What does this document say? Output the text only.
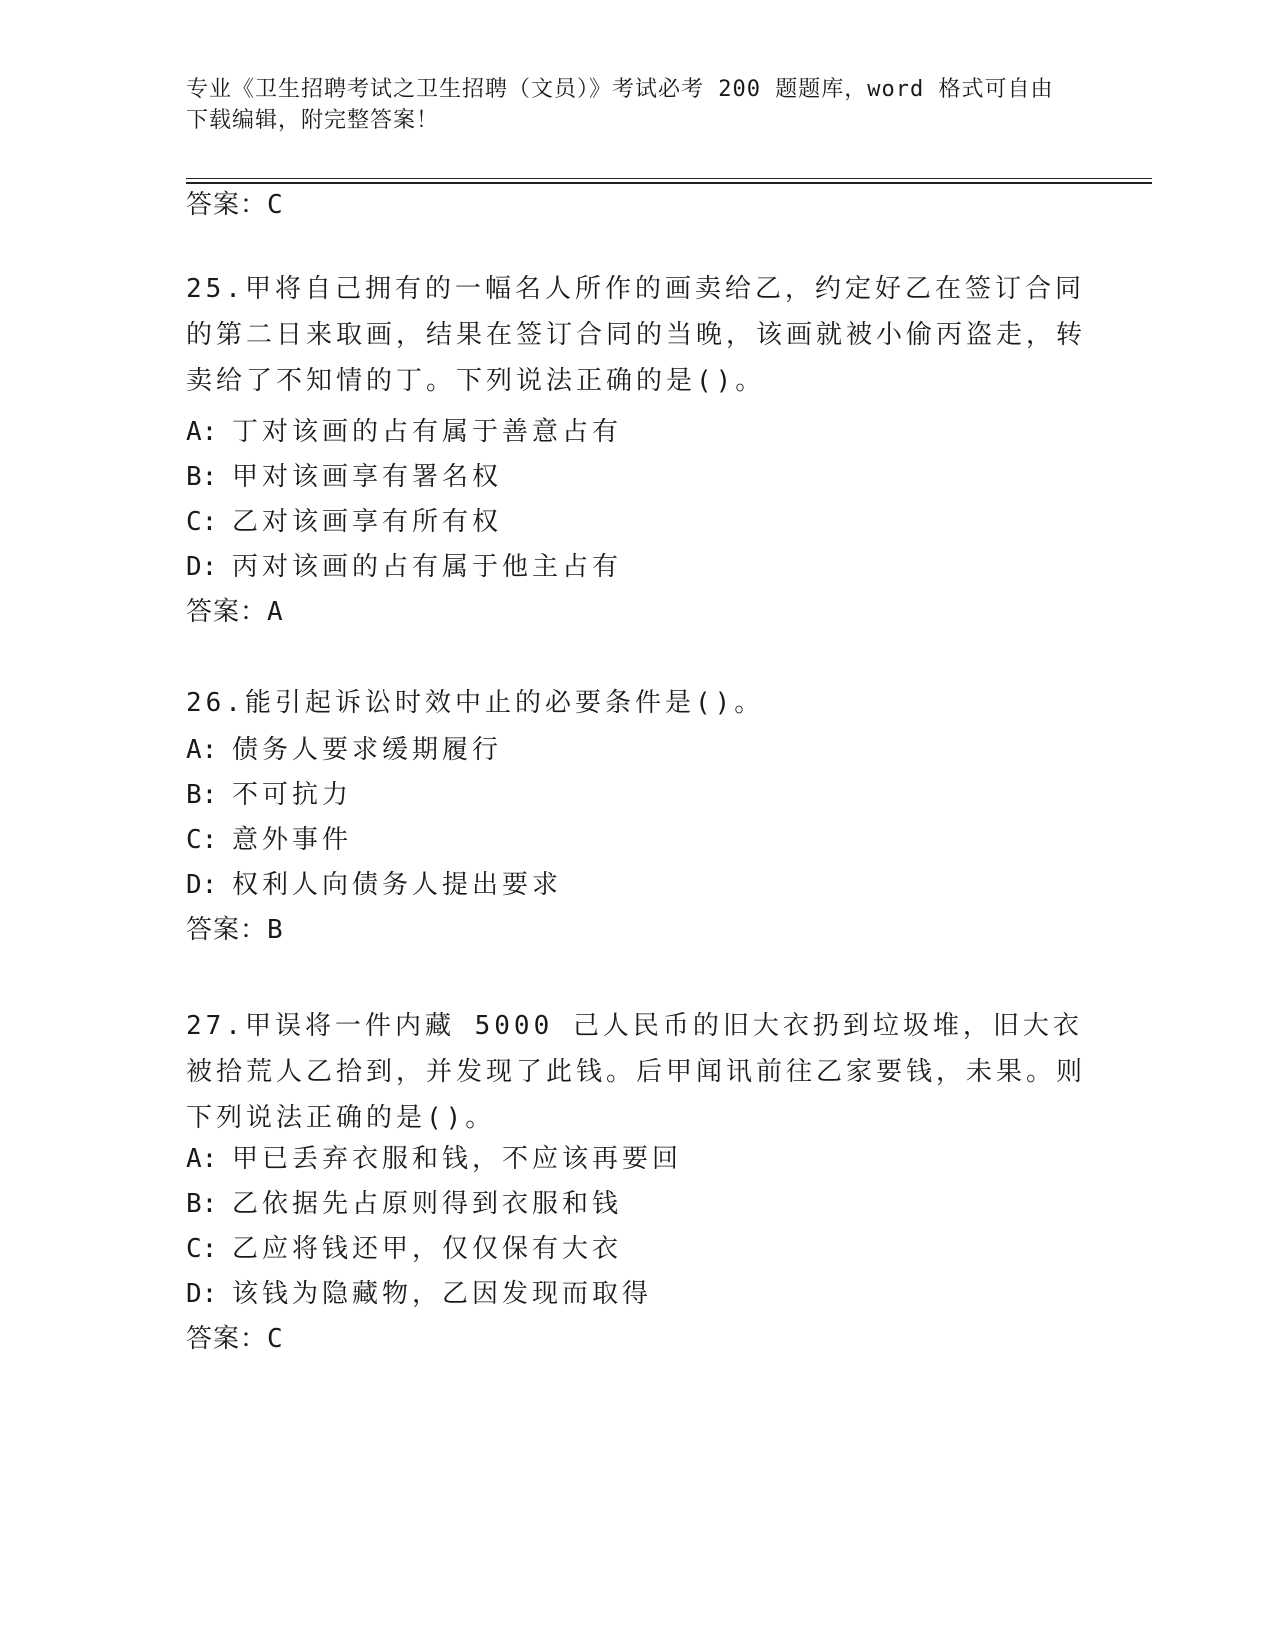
专业《卫生招聘考试之卫生招聘（文员）》考试必考 200 题题库，word 格式可自由下载编辑，附完整答案！
答案：C
25.甲将自己拥有的一幅名人所作的画卖给乙，约定好乙在签订合同的第二日来取画，结果在签订合同的当晚，该画就被小偷丙盗走，转卖给了不知情的丁。下列说法正确的是()。
A: 丁对该画的占有属于善意占有
B: 甲对该画享有署名权
C: 乙对该画享有所有权
D: 丙对该画的占有属于他主占有
答案：A
26.能引起诉讼时效中止的必要条件是()。
A: 债务人要求缓期履行
B: 不可抗力
C: 意外事件
D: 权利人向债务人提出要求
答案：B
27.甲误将一件内藏 5000 己人民币的旧大衣扔到垃圾堆，旧大衣被拾荒人乙拾到，并发现了此钱。后甲闻讯前往乙家要钱，未果。则下列说法正确的是()。
A: 甲已丢弃衣服和钱，不应该再要回
B: 乙依据先占原则得到衣服和钱
C: 乙应将钱还甲，仅仅保有大衣
D: 该钱为隐藏物，乙因发现而取得
答案：C
